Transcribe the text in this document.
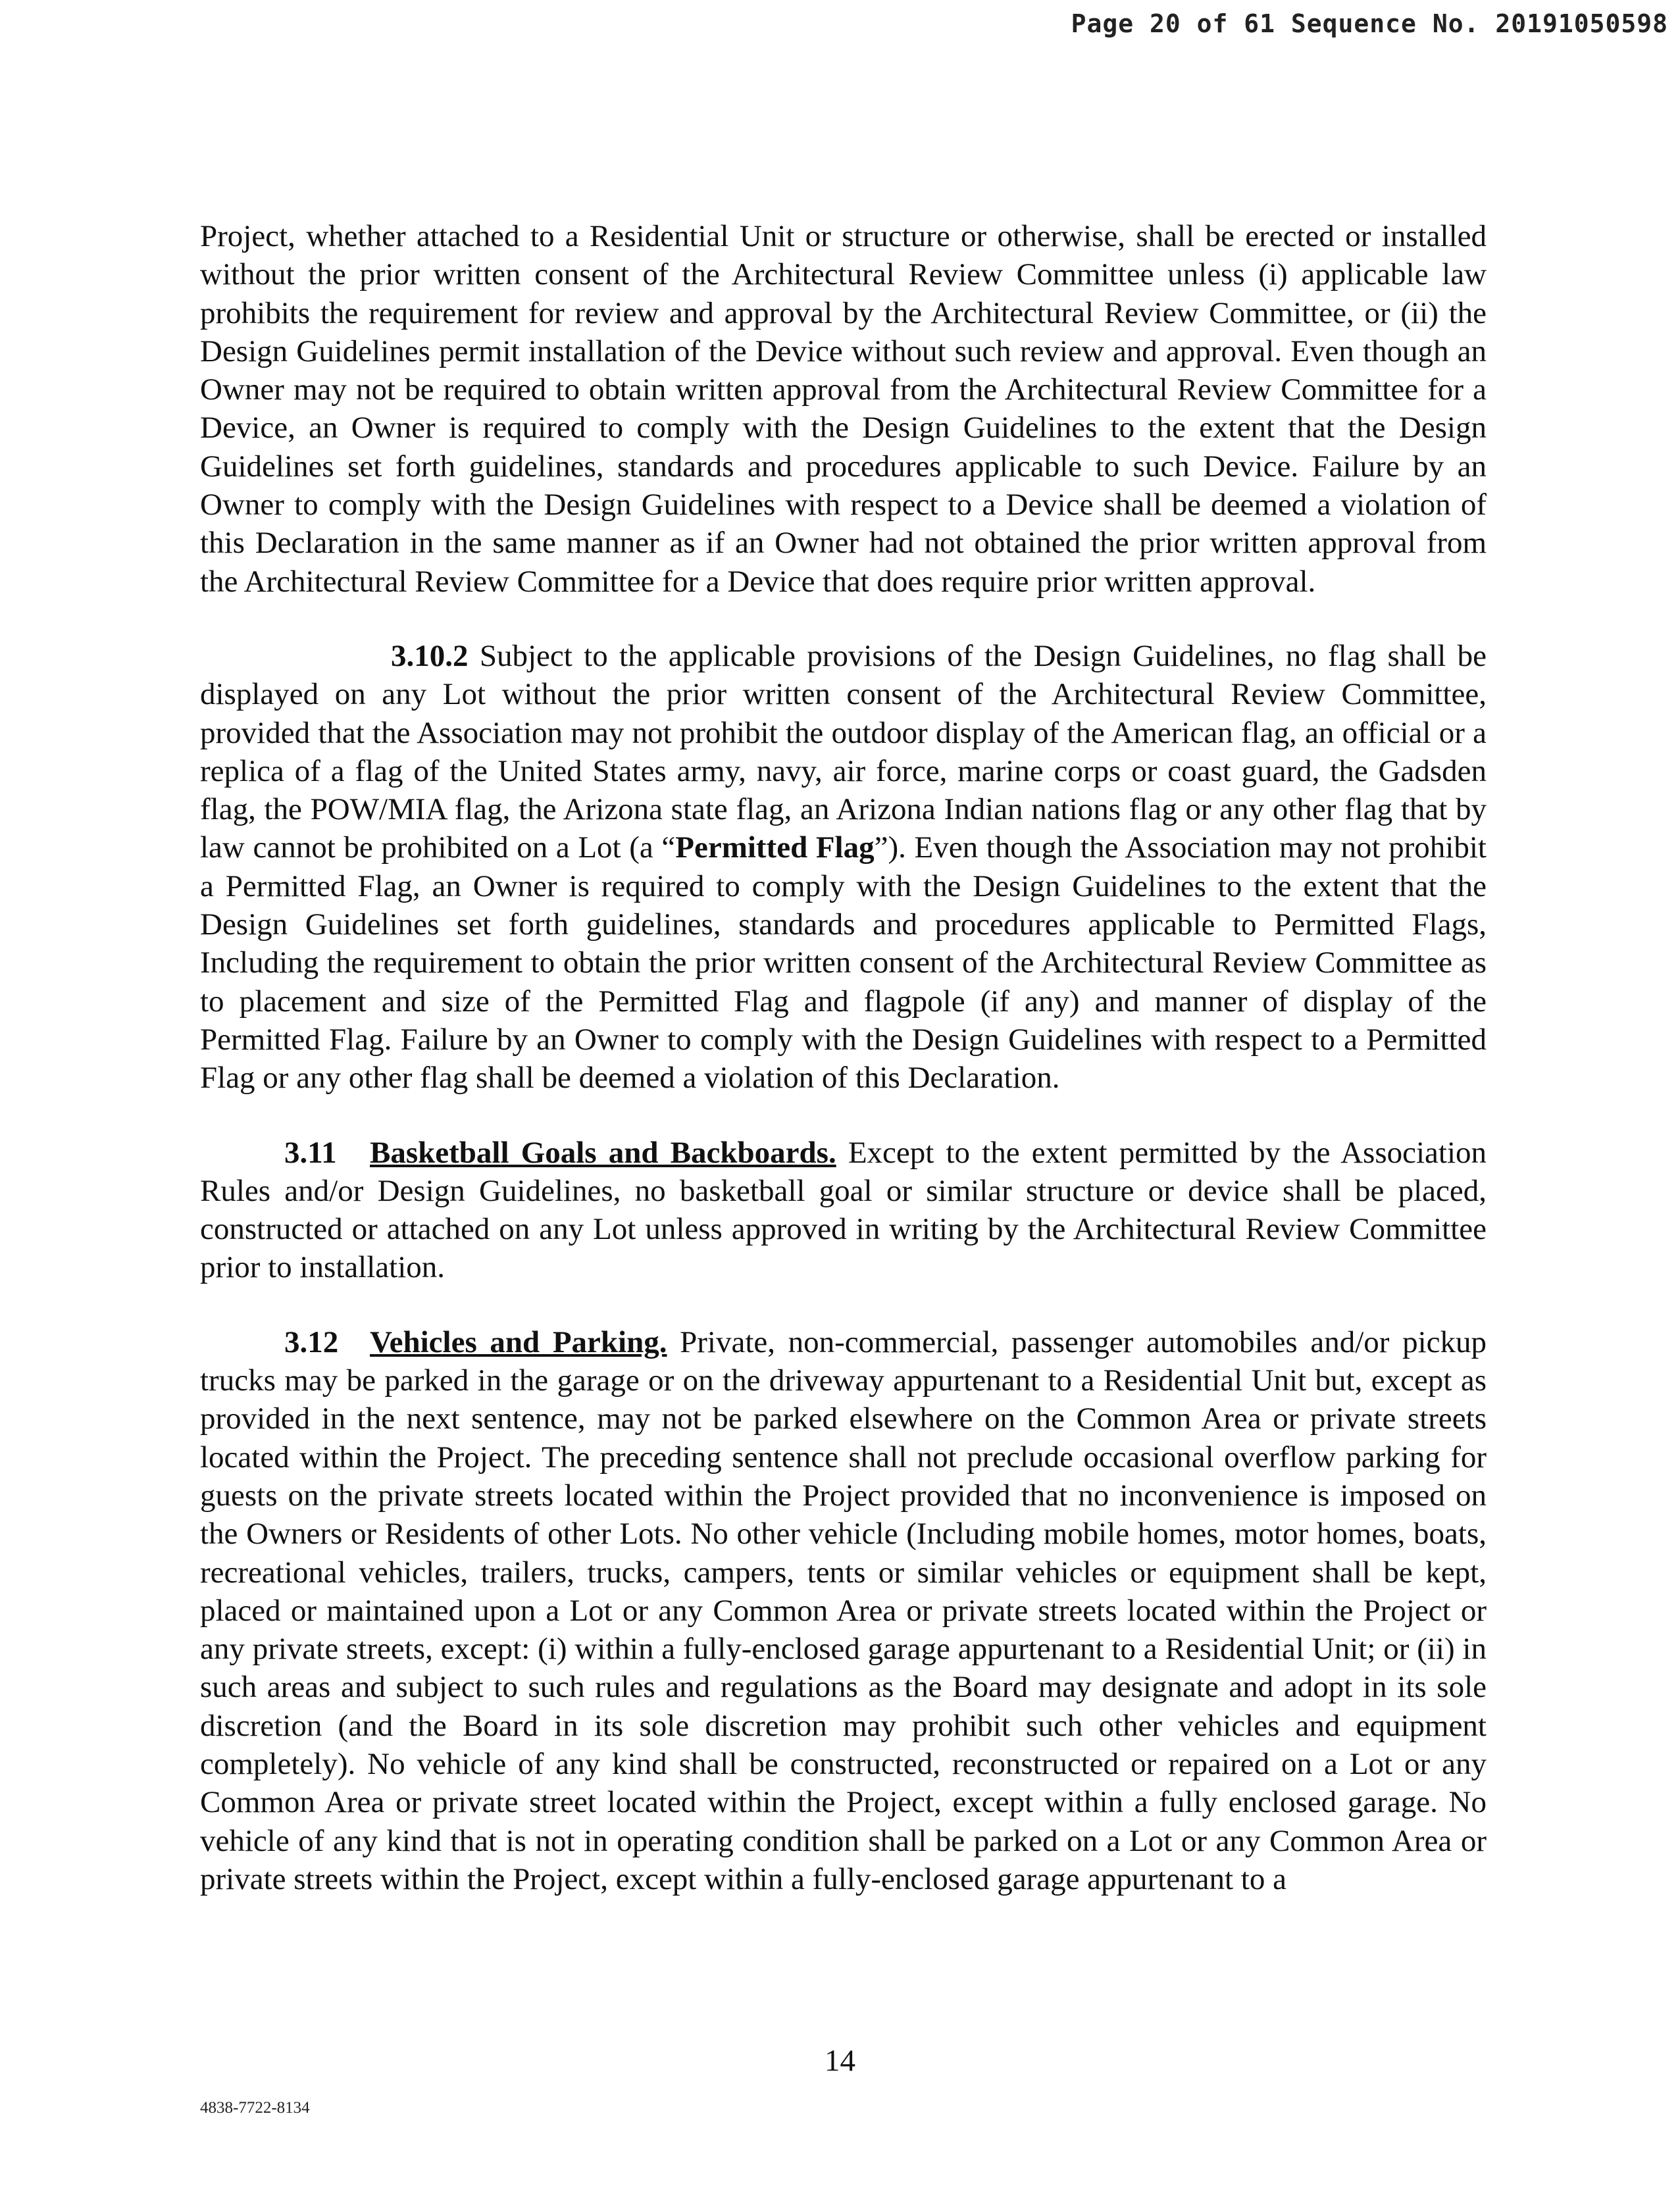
Page 20 of 61 Sequence No. 20191050598

Project, whether attached to a Residential Unit or structure or otherwise, shall be erected or installed without the prior written consent of the Architectural Review Committee unless (i) applicable law prohibits the requirement for review and approval by the Architectural Review Committee, or (ii) the Design Guidelines permit installation of the Device without such review and approval. Even though an Owner may not be required to obtain written approval from the Architectural Review Committee for a Device, an Owner is required to comply with the Design Guidelines to the extent that the Design Guidelines set forth guidelines, standards and procedures applicable to such Device. Failure by an Owner to comply with the Design Guidelines with respect to a Device shall be deemed a violation of this Declaration in the same manner as if an Owner had not obtained the prior written approval from the Architectural Review Committee for a Device that does require prior written approval.

3.10.2 Subject to the applicable provisions of the Design Guidelines, no flag shall be displayed on any Lot without the prior written consent of the Architectural Review Committee, provided that the Association may not prohibit the outdoor display of the American flag, an official or a replica of a flag of the United States army, navy, air force, marine corps or coast guard, the Gadsden flag, the POW/MIA flag, the Arizona state flag, an Arizona Indian nations flag or any other flag that by law cannot be prohibited on a Lot (a “Permitted Flag”). Even though the Association may not prohibit a Permitted Flag, an Owner is required to comply with the Design Guidelines to the extent that the Design Guidelines set forth guidelines, standards and procedures applicable to Permitted Flags, Including the requirement to obtain the prior written consent of the Architectural Review Committee as to placement and size of the Permitted Flag and flagpole (if any) and manner of display of the Permitted Flag. Failure by an Owner to comply with the Design Guidelines with respect to a Permitted Flag or any other flag shall be deemed a violation of this Declaration.

3.11 Basketball Goals and Backboards. Except to the extent permitted by the Association Rules and/or Design Guidelines, no basketball goal or similar structure or device shall be placed, constructed or attached on any Lot unless approved in writing by the Architectural Review Committee prior to installation.

3.12 Vehicles and Parking. Private, non-commercial, passenger automobiles and/or pickup trucks may be parked in the garage or on the driveway appurtenant to a Residential Unit but, except as provided in the next sentence, may not be parked elsewhere on the Common Area or private streets located within the Project. The preceding sentence shall not preclude occasional overflow parking for guests on the private streets located within the Project provided that no inconvenience is imposed on the Owners or Residents of other Lots. No other vehicle (Including mobile homes, motor homes, boats, recreational vehicles, trailers, trucks, campers, tents or similar vehicles or equipment shall be kept, placed or maintained upon a Lot or any Common Area or private streets located within the Project or any private streets, except: (i) within a fully-enclosed garage appurtenant to a Residential Unit; or (ii) in such areas and subject to such rules and regulations as the Board may designate and adopt in its sole discretion (and the Board in its sole discretion may prohibit such other vehicles and equipment completely). No vehicle of any kind shall be constructed, reconstructed or repaired on a Lot or any Common Area or private street located within the Project, except within a fully enclosed garage. No vehicle of any kind that is not in operating condition shall be parked on a Lot or any Common Area or private streets within the Project, except within a fully-enclosed garage appurtenant to a

14
4838-7722-8134
